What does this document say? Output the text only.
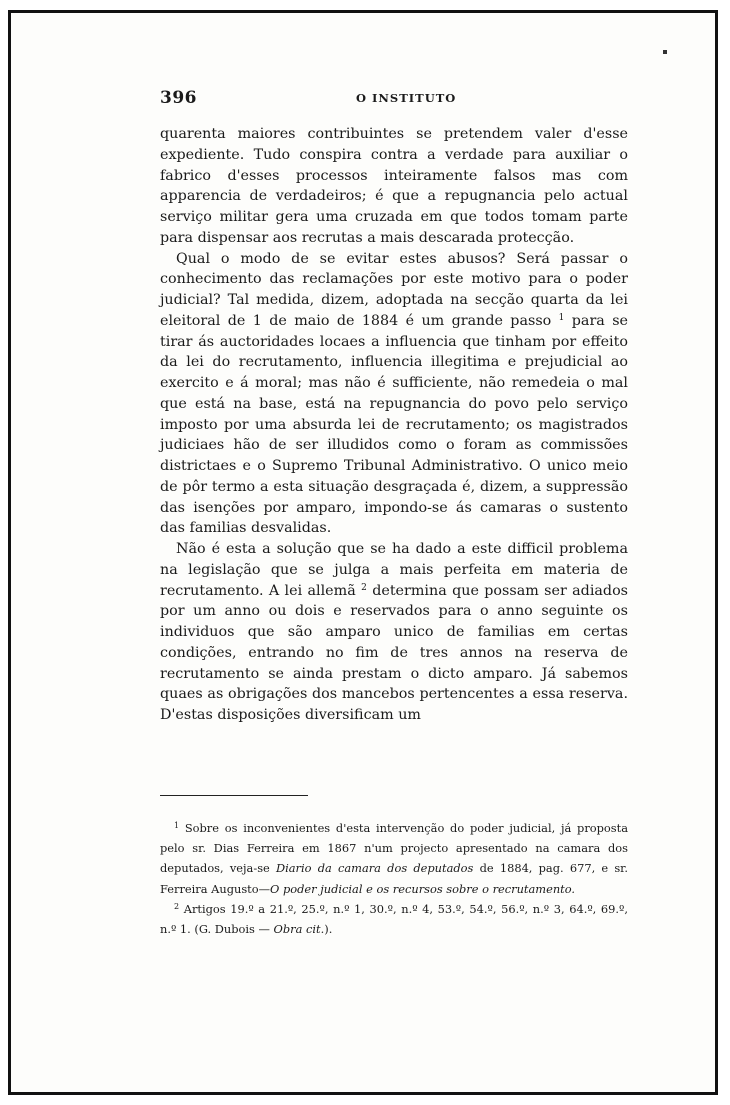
396	O INSTITUTO

quarenta maiores contribuintes se pretendem valer d'esse expediente. Tudo conspira contra a verdade para auxiliar o fabrico d'esses processos inteiramente falsos mas com apparencia de verdadeiros; é que a repugnancia pelo actual serviço militar gera uma cruzada em que todos tomam parte para dispensar aos recrutas a mais descarada protecção.

Qual o modo de se evitar estes abusos? Será passar o conhecimento das reclamações por este motivo para o poder judicial? Tal medida, dizem, adoptada na secção quarta da lei eleitoral de 1 de maio de 1884 é um grande passo $^1$ para se tirar ás auctoridades locaes a influencia que tinham por effeito da lei do recrutamento, influencia illegitima e prejudicial ao exercito e á moral; mas não é sufficiente, não remedeia o mal que está na base, está na repugnancia do povo pelo serviço imposto por uma absurda lei de recrutamento; os magistrados judiciaes hão de ser illudidos como o foram as commissões districtaes e o Supremo Tribunal Administrativo. O unico meio de pôr termo a esta situação desgraçada é, dizem, a suppressão das isenções por amparo, impondo-se ás camaras o sustento das familias desvalidas.

Não é esta a solução que se ha dado a este difficil problema na legislação que se julga a mais perfeita em materia de recrutamento. A lei allemã $^2$ determina que possam ser adiados por um anno ou dois e reservados para o anno seguinte os individuos que são amparo unico de familias em certas condições, entrando no fim de tres annos na reserva de recrutamento se ainda prestam o dicto amparo. Já sabemos quaes as obrigações dos mancebos pertencentes a essa reserva. D'estas disposições diversificam um

$^1$ Sobre os inconvenientes d'esta intervenção do poder judicial, já proposta pelo sr. Dias Ferreira em 1867 n'um projecto apresentado na camara dos deputados, veja-se Diario da camara dos deputados de 1884, pag. 677, e sr. Ferreira Augusto—O poder judicial e os recursos sobre o recrutamento.

$^2$ Artigos 19.º a 21.º, 25.º, n.º 1, 30.º, n.º 4, 53.º, 54.º, 56.º, n.º 3, 64.º, 69.º, n.º 1. (G. Dubois — Obra cit.).
